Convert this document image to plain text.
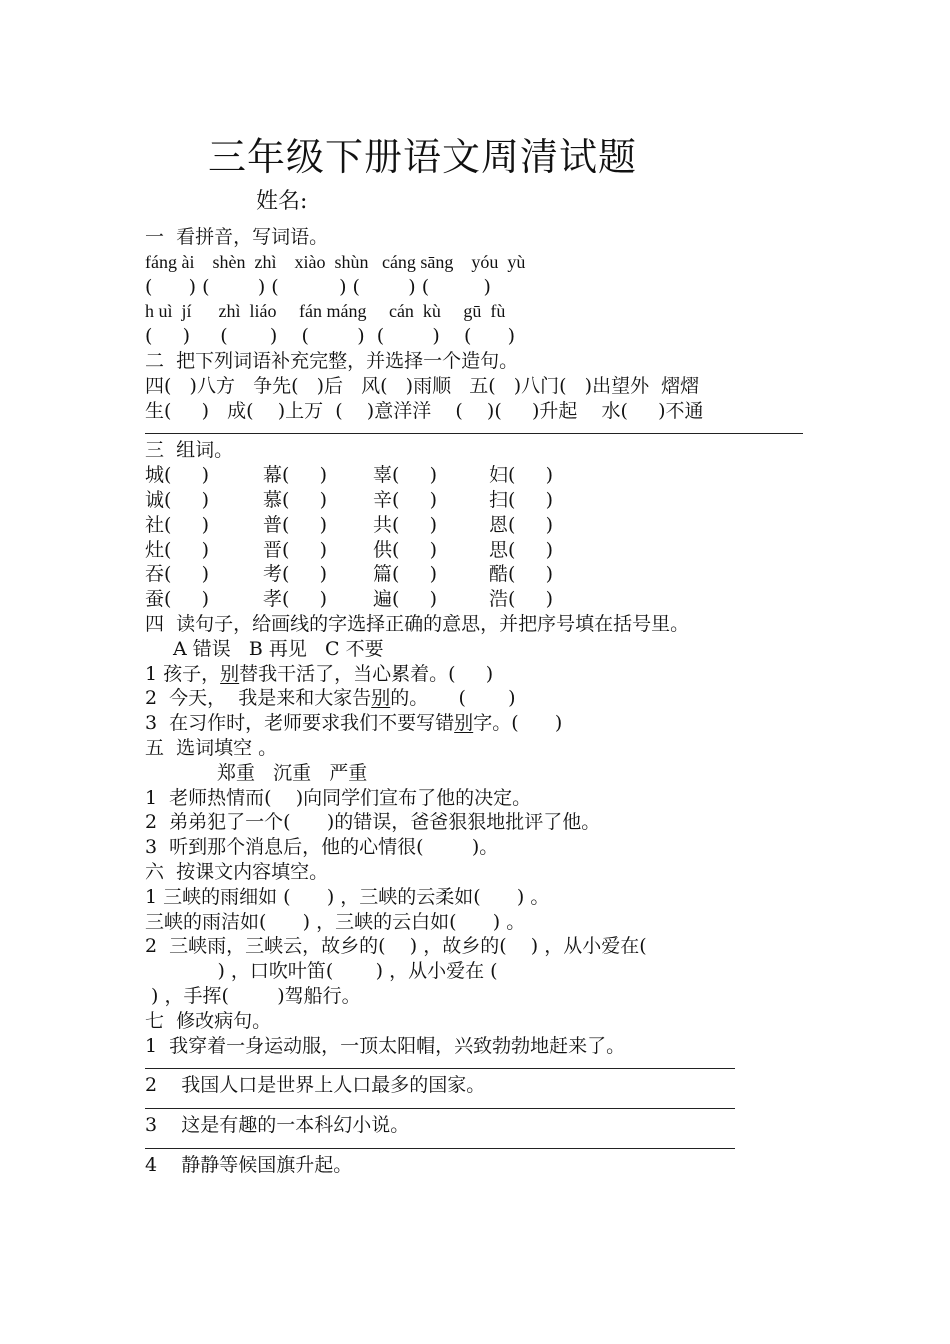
三年级下册语文周清试题
姓名:
一  看拼音，写词语。
fáng ài    shèn  zhì    xiào  shùn   cáng sāng    yóu  yù
(      ) (        ) (          ) (        ) (         )
h uì  jí      zhì  liáo     fán máng     cán  kù     gū  fù
(     )     (       )    (        )  (        )    (      )
二  把下列词语补充完整，并选择一个造句。
四(   )八方   争先(   )后   风(   )雨顺   五(   )八门(   )出望外  熠熠
生(     )   成(    )上万  (    )意洋洋    (    )(     )升起    水(     )不通
三  组词。
城(     )	幕(     )	辜(     )	妇(     )
诚(     )	慕(     )	辛(     )	扫(     )
社(     )	普(     )	共(     )	恩(     )
灶(     )	晋(     )	供(     )	思(     )
吞(     )	考(     )	篇(     )	酷(     )
蚕(     )	孝(     )	遍(     )	浩(     )
四  读句子，给画线的字选择正确的意思，并把序号填在括号里。
A 错误   B 再见   C 不要
1 孩子，别替我干活了，当心累着。(     )
2  今天，  我是来和大家告别的。     (       )
3  在习作时，老师要求我们不要写错别字。(      )
五  选词填空 。
郑重   沉重   严重
1  老师热情而(    )向同学们宣布了他的决定。
2  弟弟犯了一个(      )的错误，爸爸狠狠地批评了他。
3  听到那个消息后，他的心情很(        )。
六  按课文内容填空。
1 三峡的雨细如 (      ) ，三峡的云柔如(      ) 。
三峡的雨洁如(      ) ，三峡的云白如(      ) 。
2  三峡雨，三峡云，故乡的(    ) ，故乡的(    ) ，从小爱在(
) ，口吹叶笛(       ) ，从小爱在 (
) ，手挥(        )驾船行。
七  修改病句。
1  我穿着一身运动服，一顶太阳帽，兴致勃勃地赶来了。
2    我国人口是世界上人口最多的国家。
3    这是有趣的一本科幻小说。
4    静静等候国旗升起。
